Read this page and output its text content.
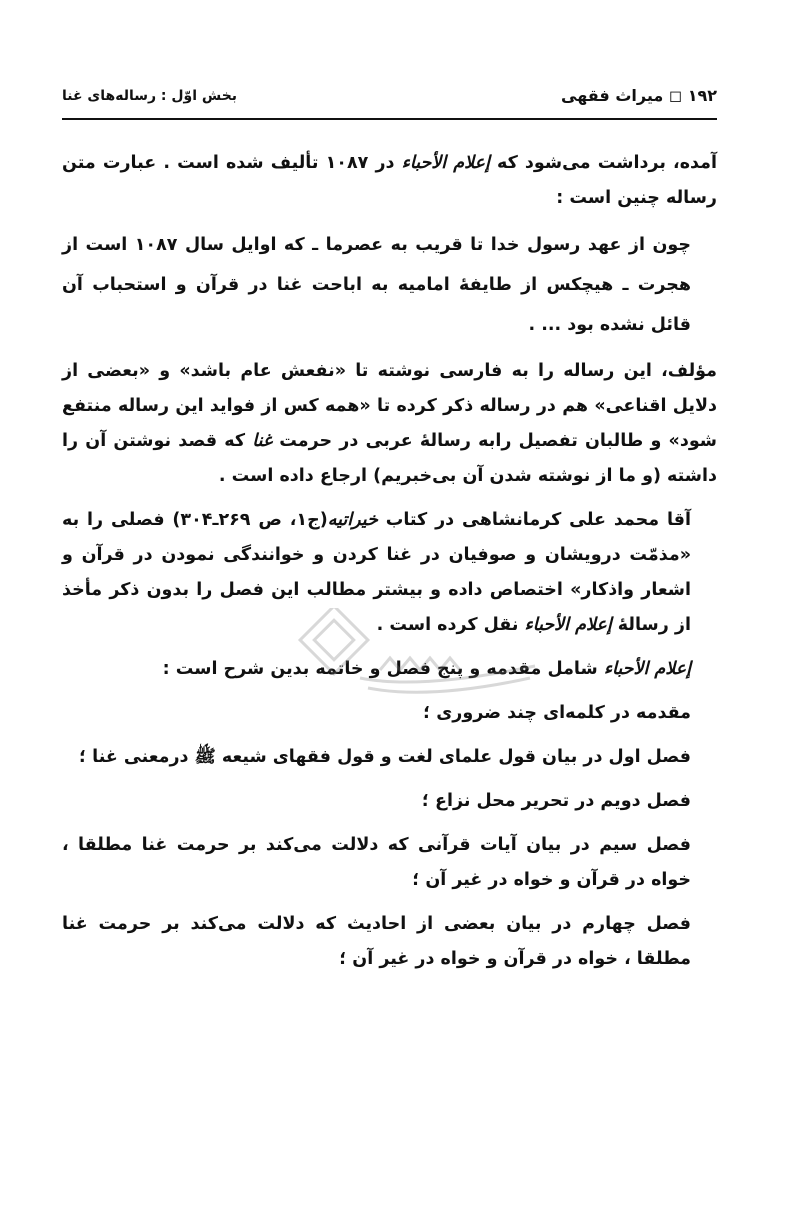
۱۹۲ ◻ میراث فقهی
بخش اوّل : رساله‌های غنا

آمده، برداشت می‌شود که إعلام الأحباء در ۱۰۸۷ تألیف شده است . عبارت متن رساله چنین است :

چون از عهد رسول خدا تا قریب به عصرما ـ که اوایل سال ۱۰۸۷ است از هجرت ـ هیچکس از طایفهٔ امامیه به اباحت غنا در قرآن و استحباب آن قائل نشده بود ... .

مؤلف، این رساله را به فارسی نوشته تا «نفعش عام باشد» و «بعضی از دلایل اقناعی» هم در رساله ذکر کرده تا «همه کس از فواید این رساله منتفع شود» و طالبان تفصیل رابه رسالهٔ عربی در حرمت غنا که قصد نوشتن آن را داشته (و ما از نوشته شدن آن بی‌خبریم) ارجاع داده است .

آقا محمد علی کرمانشاهی در کتاب خیراتیه(ج۱، ص ۲۶۹ـ۳۰۴) فصلی را به «مذمّت درویشان و صوفیان در غنا کردن و خوانندگی نمودن در قرآن و اشعار واذکار» اختصاص داده و بیشتر مطالب این فصل را بدون ذکر مأخذ از رسالهٔ إعلام الأحباء نقل کرده است .

إعلام الأحباء شامل مقدمه و پنج فصل و خاتمه بدین شرح است :

مقدمه در کلمه‌ای چند ضروری ؛

فصل اول در بیان قول علمای لغت و قول فقهای شیعه ﷺ درمعنی غنا ؛

فصل دویم در تحریر محل نزاع ؛

فصل سیم در بیان آیات قرآنی که دلالت می‌کند بر حرمت غنا مطلقا ، خواه در قرآن و خواه در غیر آن ؛

فصل چهارم در بیان بعضی از احادیث که دلالت می‌کند بر حرمت غنا مطلقا ، خواه در قرآن و خواه در غیر آن ؛
